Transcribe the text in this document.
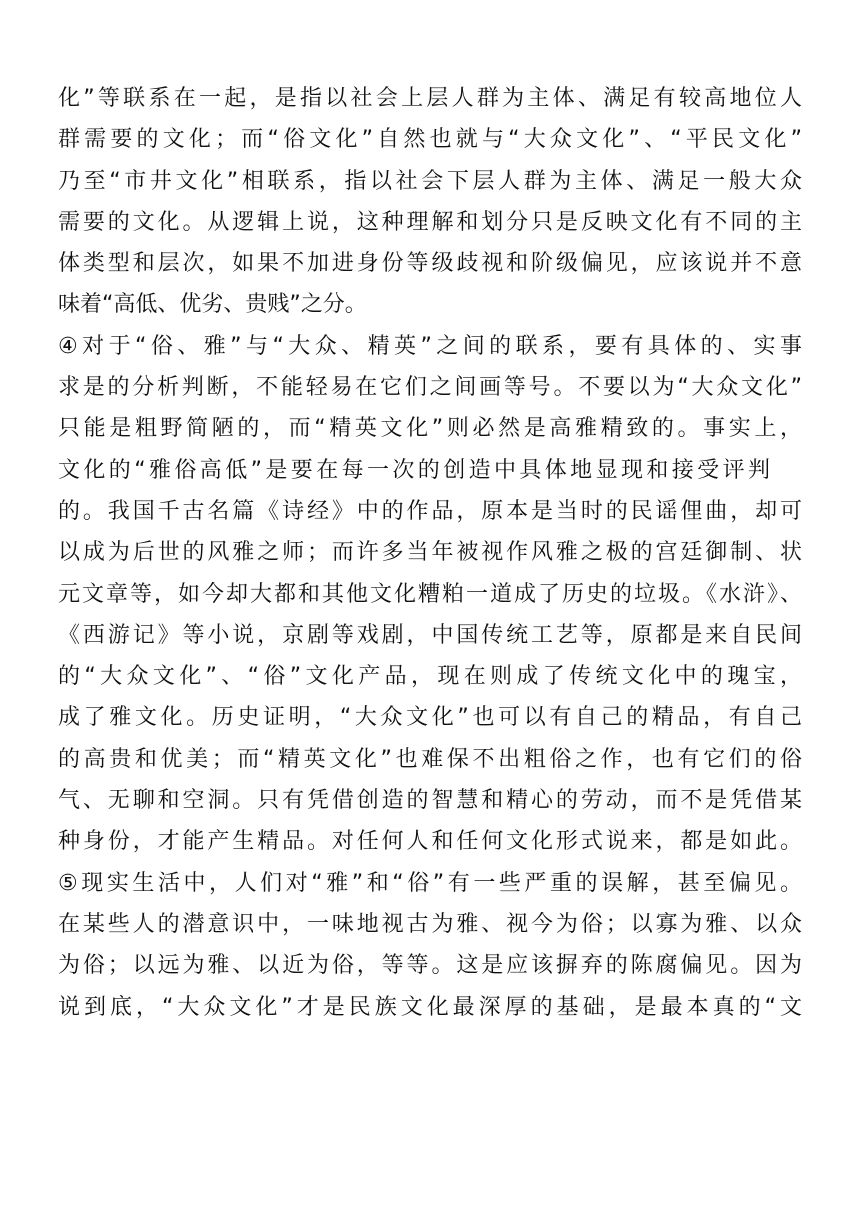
化”等联系在一起，是指以社会上层人群为主体、满足有较高地位人
群需要的文化；而“俗文化”自然也就与“大众文化”、“平民文化”
乃至“市井文化”相联系，指以社会下层人群为主体、满足一般大众
需要的文化。从逻辑上说，这种理解和划分只是反映文化有不同的主
体类型和层次，如果不加进身份等级歧视和阶级偏见，应该说并不意
味着“高低、优劣、贵贱”之分。
④对于“俗、雅”与“大众、精英”之间的联系，要有具体的、实事
求是的分析判断，不能轻易在它们之间画等号。不要以为“大众文化”
只能是粗野简陋的，而“精英文化”则必然是高雅精致的。事实上，
文化的“雅俗高低”是要在每一次的创造中具体地显现和接受评判
的。我国千古名篇《诗经》中的作品，原本是当时的民谣俚曲，却可
以成为后世的风雅之师；而许多当年被视作风雅之极的宫廷御制、状
元文章等，如今却大都和其他文化糟粕一道成了历史的垃圾。《水浒》、
《西游记》等小说，京剧等戏剧，中国传统工艺等，原都是来自民间
的“大众文化”、“俗”文化产品，现在则成了传统文化中的瑰宝，
成了雅文化。历史证明，“大众文化”也可以有自己的精品，有自己
的高贵和优美；而“精英文化”也难保不出粗俗之作，也有它们的俗
气、无聊和空洞。只有凭借创造的智慧和精心的劳动，而不是凭借某
种身份，才能产生精品。对任何人和任何文化形式说来，都是如此。
⑤现实生活中，人们对“雅”和“俗”有一些严重的误解，甚至偏见。
在某些人的潜意识中，一味地视古为雅、视今为俗；以寡为雅、以众
为俗；以远为雅、以近为俗，等等。这是应该摒弃的陈腐偏见。因为
说到底，“大众文化”才是民族文化最深厚的基础，是最本真的“文
